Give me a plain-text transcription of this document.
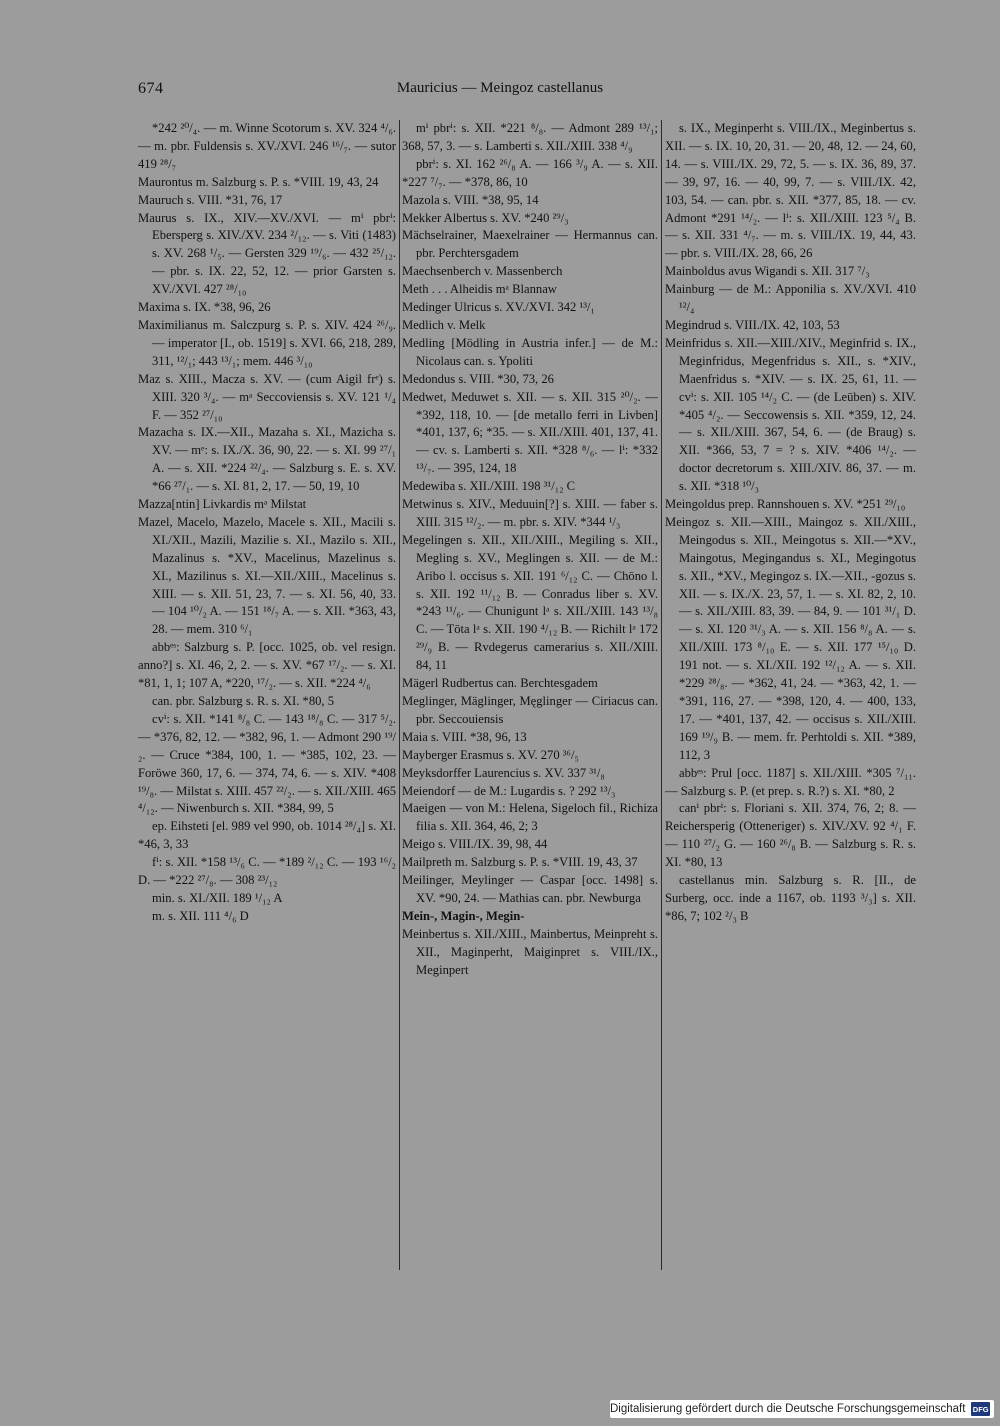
674	Mauricius — Meingoz castellanus

*242 ²⁰/₄. — m. Winne Scotorum s. XV. 324 ⁴/₆. — m. pbr. Fuldensis s. XV./XVI. 246 ¹⁶/₇. — sutor 419 ²⁸/₇

Maurontus m. Salzburg s. P. s. *VIII. 19, 43, 24

Mauruch s. VIII. *31, 76, 17

Maurus s. IX., XIV.—XV./XVI. — mⁱ pbrⁱ: Ebersperg s. XIV./XV. 234 ²/₁₂. — s. Viti (1483) s. XV. 268 ¹/₅. — Gersten 329 ¹⁹/₆. — 432 ²⁵/₁₂. — pbr. s. IX. 22, 52, 12. — prior Garsten s. XV./XVI. 427 ²⁸/₁₀

Maxima s. IX. *38, 96, 26

Maximilianus m. Salczpurg s. P. s. XIV. 424 ²⁶/₉. — imperator [I., ob. 1519] s. XVI. 66, 218, 289, 311, ¹²/₁; 443 ¹³/₁; mem. 446 ³/₁₀

Maz s. XIII., Macza s. XV. — (cum Aigil frᵉ) s. XIII. 320 ³/₄. — mᵃ Seccoviensis s. XV. 121 ¹/₄ F. — 352 ²⁷/₁₀

Mazacha s. IX.—XII., Mazaha s. XI., Mazicha s. XV. — mᵉ: s. IX./X. 36, 90, 22. — s. XI. 99 ²⁷/₁ A. — s. XII. *224 ²²/₄. — Salzburg s. E. s. XV. *66 ²⁷/₁. — s. XI. 81, 2, 17. — 50, 19, 10

Mazza[ntin] Livkardis mᵃ Milstat

Mazel, Macelo, Mazelo, Macele s. XII., Macili s. XI./XII., Mazili, Mazilie s. XI., Mazilo s. XII., Mazalinus s. *XV., Macelinus, Mazelinus s. XI., Mazilinus s. XI.—XII./XIII., Macelinus s. XIII. — s. XII. 51, 23, 7. — s. XI. 56, 40, 33. — 104 ¹⁰/₂ A. — 151 ¹⁸/₇ A. — s. XII. *363, 43, 28. — mem. 310 ⁶/₁

abbᵉˢ: Salzburg s. P. [occ. 1025, ob. vel resign. anno?] s. XI. 46, 2, 2. — s. XV. *67 ¹⁷/₂. — s. XI. *81, 1, 1; 107 A, *220, ¹⁷/₂. — s. XII. *224 ⁴/₆

can. pbr. Salzburg s. R. s. XI. *80, 5

cvⁱ: s. XII. *141 ⁸/₈ C. — 143 ¹⁸/₈ C. — 317 ⁵/₂. — *376, 82, 12. — *382, 96, 1. — Admont 290 ¹⁹/₂. — Cruce *384, 100, 1. — *385, 102, 23. — Foröwe 360, 17, 6. — 374, 74, 6. — s. XIV. *408 ¹⁹/₈. — Milstat s. XIII. 457 ²²/₂. — s. XII./XIII. 465 ⁴/₁₂. — Niwenburch s. XII. *384, 99, 5

ep. Eihsteti [el. 989 vel 990, ob. 1014 ²⁸/₄] s. XI. *46, 3, 33

fⁱ: s. XII. *158 ¹³/₆ C. — *189 ²/₁₂ C. — 193 ¹⁶/₂ D. — *222 ²⁷/₈. — 308 ²³/₁₂

min. s. XI./XII. 189 ¹/₁₂ A

m. s. XII. 111 ⁴/₆ D

mⁱ pbrⁱ: s. XII. *221 ⁸/₈. — Admont 289 ¹³/₁; 368, 57, 3. — s. Lamberti s. XII./XIII. 338 ⁴/₉

pbrⁱ: s. XI. 162 ²⁶/₈ A. — 166 ³/₉ A. — s. XII. *227 ⁷/₇. — *378, 86, 10

Mazola s. VIII. *38, 95, 14

Mekker Albertus s. XV. *240 ²⁹/₃

Mächselrainer, Maexelrainer — Hermannus can. pbr. Perchtersgadem

Maechsenberch v. Massenberch

Meth . . . Alheidis mᵃ Blannaw

Medinger Ulricus s. XV./XVI. 342 ¹³/₁

Medlich v. Melk

Medling [Mödling in Austria infer.] — de M.: Nicolaus can. s. Ypoliti

Medondus s. VIII. *30, 73, 26

Medwet, Meduwet s. XII. — s. XII. 315 ²⁰/₂. — *392, 118, 10. — [de metallo ferri in Livben] *401, 137, 6; *35. — s. XII./XIII. 401, 137, 41. — cv. s. Lamberti s. XII. *328 ⁸/₆. — lⁱ: *332 ¹³/₇. — 395, 124, 18

Medewiba s. XII./XIII. 198 ³¹/₁₂ C

Metwinus s. XIV., Meduuin[?] s. XIII. — faber s. XIII. 315 ¹²/₂. — m. pbr. s. XIV. *344 ¹/₃

Megelingen s. XII., XII./XIII., Megiling s. XII., Megling s. XV., Meglingen s. XII. — de M.: Aribo l. occisus s. XII. 191 ⁶/₁₂ C. — Chōno l. s. XII. 192 ¹¹/₁₂ B. — Conradus liber s. XV. *243 ¹¹/₆. — Chunigunt lᵃ s. XII./XIII. 143 ¹³/₈ C. — Tōta lᵃ s. XII. 190 ⁴/₁₂ B. — Richilt lᵃ 172 ²⁹/₉ B. — Rvdegerus camerarius s. XII./XIII. 84, 11

Mägerl Rudbertus can. Berchtesgadem

Meglinger, Mäglinger, Męglinger — Ciriacus can. pbr. Seccouiensis

Maia s. VIII. *38, 96, 13

Mayberger Erasmus s. XV. 270 ³⁶/₅

Meyksdorffer Laurencius s. XV. 337 ³¹/₈

Meiendorf — de M.: Lugardis s. ? 292 ¹³/₃

Maeigen — von M.: Helena, Sigeloch fil., Richiza filia s. XII. 364, 46, 2; 3

Meigo s. VIII./IX. 39, 98, 44

Mailpreth m. Salzburg s. P. s. *VIII. 19, 43, 37

Meilinger, Meylinger — Caspar [occ. 1498] s. XV. *90, 24. — Mathias can. pbr. Newburga

Mein-, Magin-, Megin-

Meinbertus s. XII./XIII., Mainbertus, Meinpreht s. XII., Maginperht, Maiginpret s. VIII./IX., Meginpert

s. IX., Meginperht s. VIII./IX., Meginbertus s. XII. — s. IX. 10, 20, 31. — 20, 48, 12. — 24, 60, 14. — s. VIII./IX. 29, 72, 5. — s. IX. 36, 89, 37. — 39, 97, 16. — 40, 99, 7. — s. VIII./IX. 42, 103, 54. — can. pbr. s. XII. *377, 85, 18. — cv. Admont *291 ¹⁴/₂. — lⁱ: s. XII./XIII. 123 ⁵/₄ B. — s. XII. 331 ⁴/₇. — m. s. VIII./IX. 19, 44, 43. — pbr. s. VIII./IX. 28, 66, 26

Mainboldus avus Wigandi s. XII. 317 ⁷/₃

Mainburg — de M.: Apponilia s. XV./XVI. 410 ¹²/₄

Megindrud s. VIII./IX. 42, 103, 53

Meinfridus s. XII.—XIII./XIV., Meginfrid s. IX., Meginfridus, Megenfridus s. XII., s. *XIV., Maenfridus s. *XIV. — s. IX. 25, 61, 11. — cvⁱ: s. XII. 105 ¹⁴/₂ C. — (de Leūben) s. XIV. *405 ⁴/₂. — Seccowensis s. XII. *359, 12, 24. — s. XII./XIII. 367, 54, 6. — (de Braug) s. XII. *366, 53, 7 = ? s. XIV. *406 ¹⁴/₂. — doctor decretorum s. XIII./XIV. 86, 37. — m. s. XII. *318 ¹⁰/₃

Meingoldus prep. Rannshouen s. XV. *251 ²⁹/₁₀

Meingoz s. XII.—XIII., Maingoz s. XII./XIII., Meingodus s. XII., Meingotus s. XII.—*XV., Maingotus, Megingandus s. XI., Megingotus s. XII., *XV., Megingoz s. IX.—XII., -gozus s. XII. — s. IX./X. 23, 57, 1. — s. XI. 82, 2, 10. — s. XII./XIII. 83, 39. — 84, 9. — 101 ³¹/₁ D. — s. XI. 120 ³¹/₃ A. — s. XII. 156 ⁸/₈ A. — s. XII./XIII. 173 ⁸/₁₀ E. — s. XII. 177 ¹⁵/₁₀ D. 191 not. — s. XI./XII. 192 ¹²/₁₂ A. — s. XII. *229 ²⁸/₈. — *362, 41, 24. — *363, 42, 1. — *391, 116, 27. — *398, 120, 4. — 400, 133, 17. — *401, 137, 42. — occisus s. XII./XIII. 169 ¹⁹/₉ B. — mem. fr. Perhtoldi s. XII. *389, 112, 3

abbᵉˢ: Prul [occ. 1187] s. XII./XIII. *305 ⁷/₁₁. — Salzburg s. P. (et prep. s. R.?) s. XI. *80, 2

canⁱ pbrⁱ: s. Floriani s. XII. 374, 76, 2; 8. — Reichersperig (Otteneriger) s. XIV./XV. 92 ⁴/₁ F. — 110 ²⁷/₂ G. — 160 ²⁶/₈ B. — Salzburg s. R. s. XI. *80, 13

castellanus min. Salzburg s. R. [II., de Surberg, occ. inde a 1167, ob. 1193 ³/₃] s. XII. *86, 7; 102 ²/₃ B

Digitalisierung gefördert durch die Deutsche Forschungsgemeinschaft DFG
